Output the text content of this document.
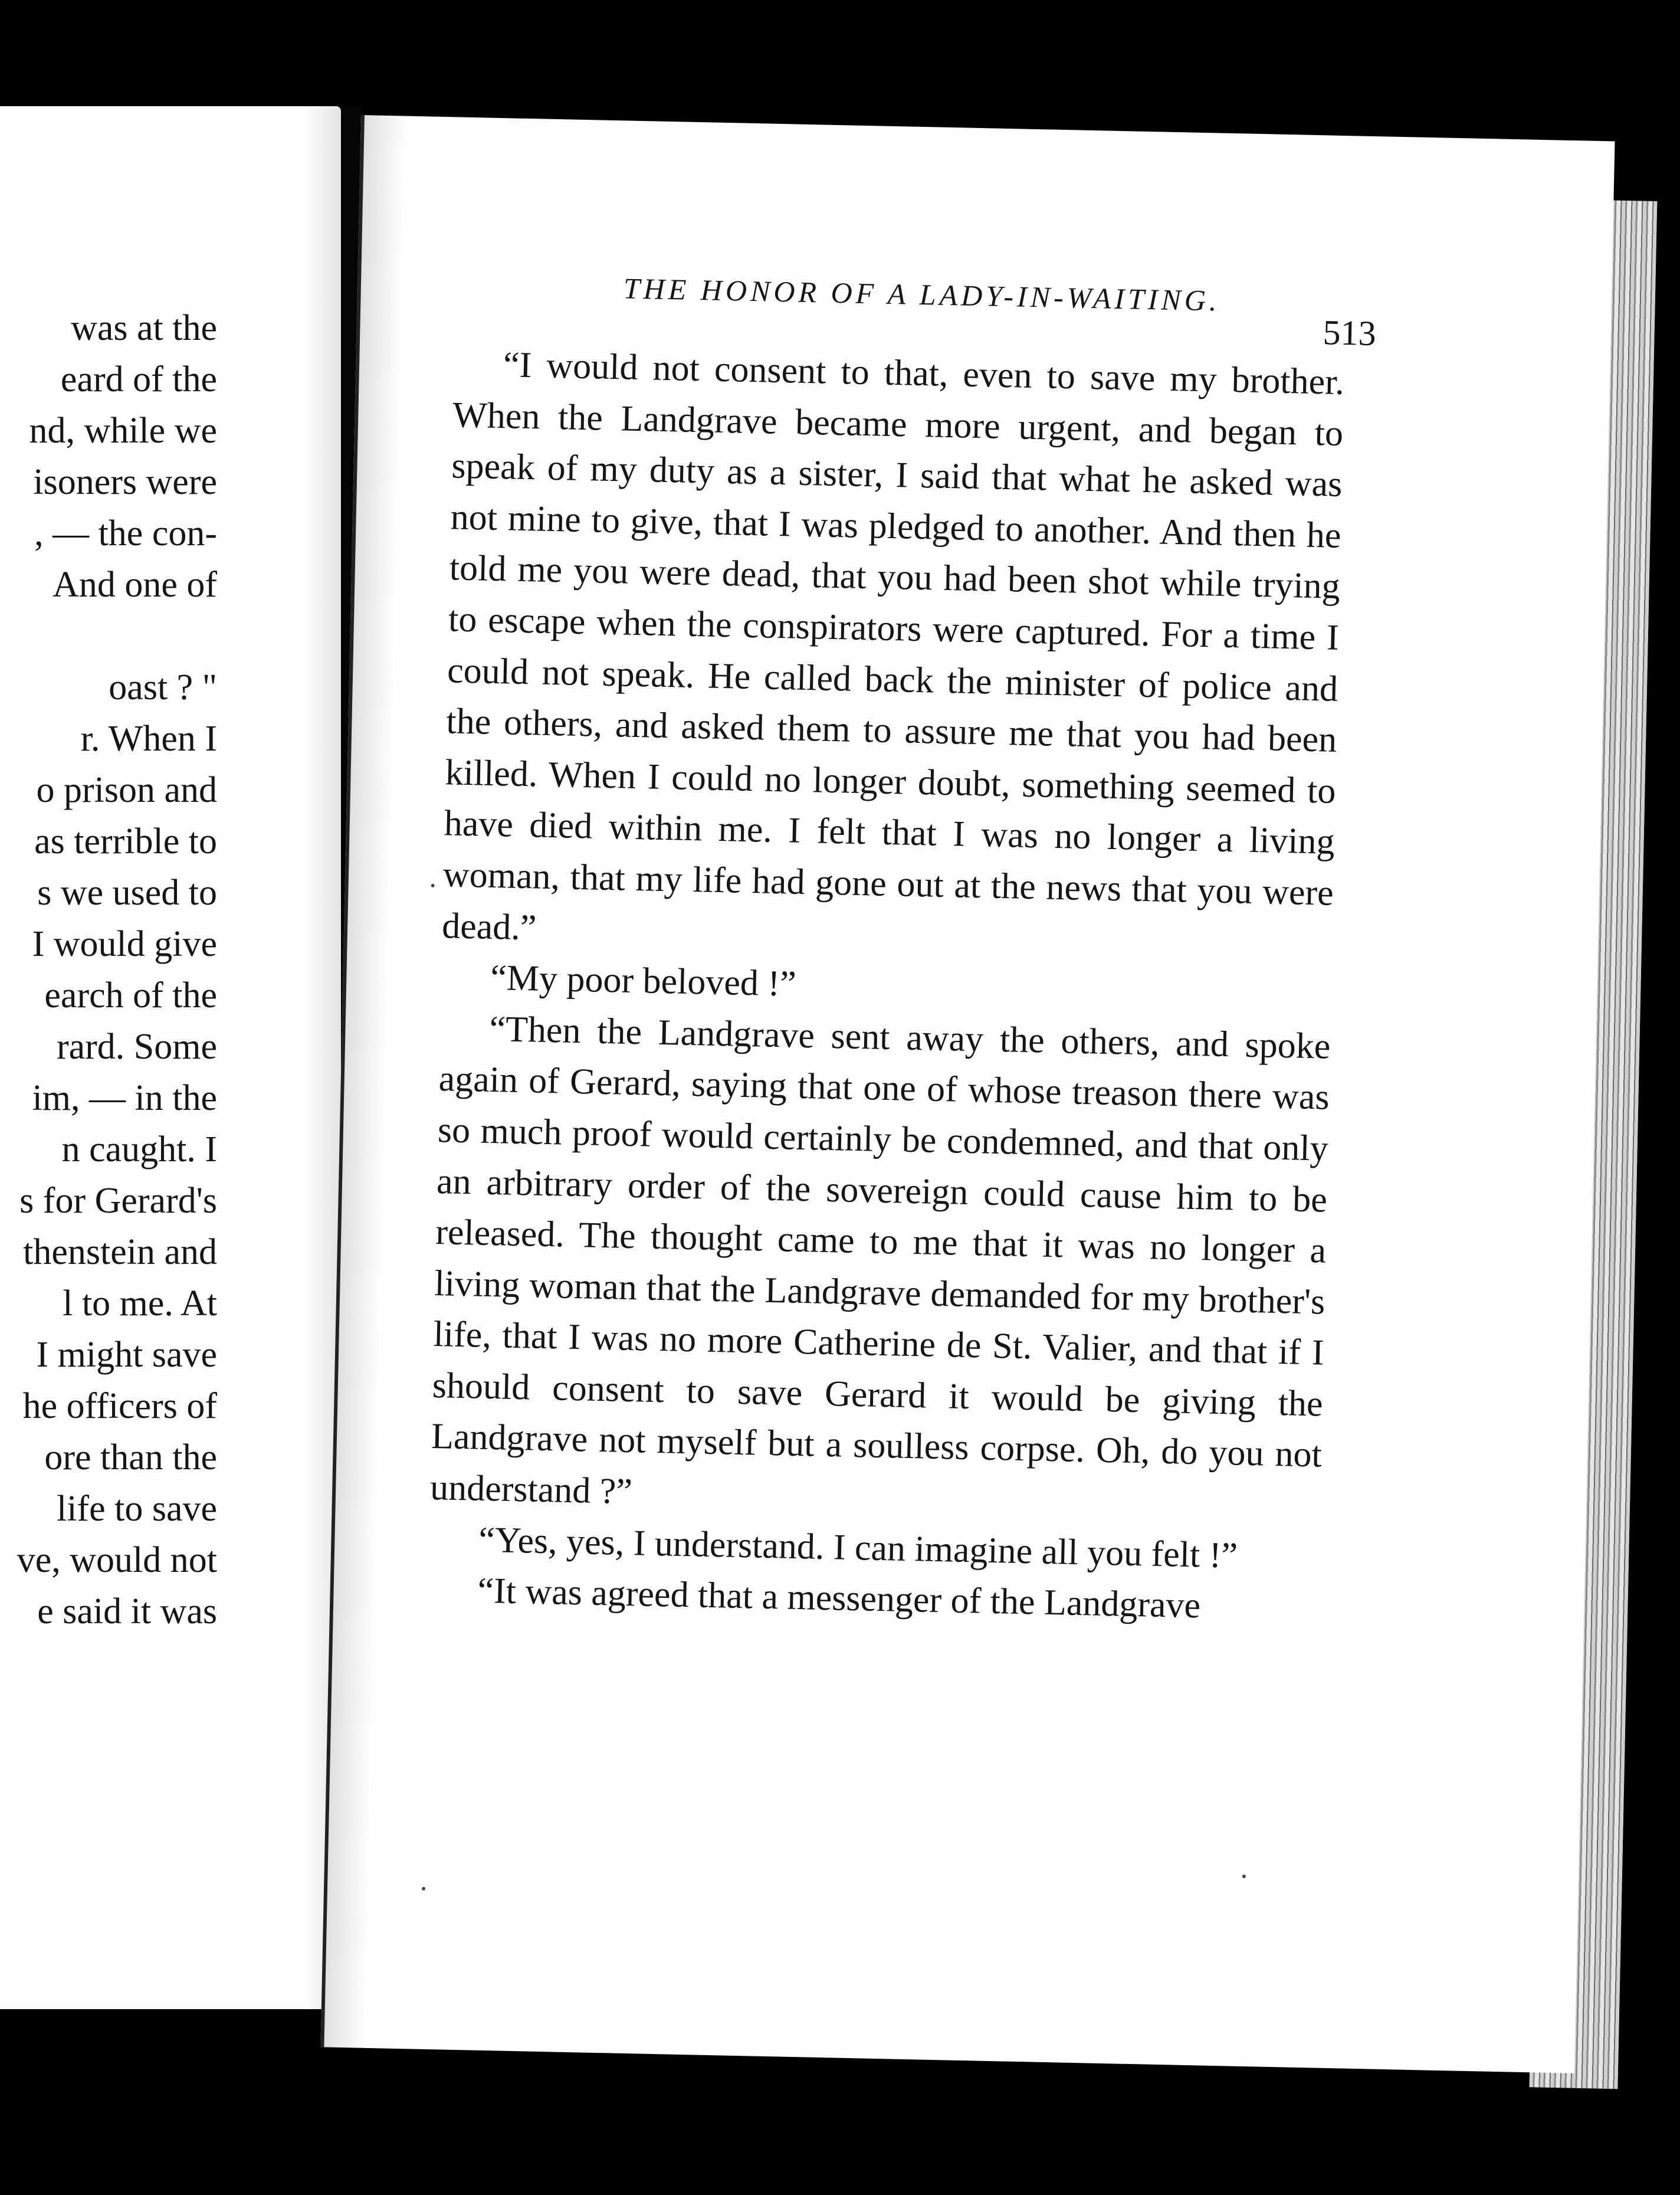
was at the
eard of the
nd, while we
isoners were
, — the con-
And one of
oast ? "
r. When I
o prison and
as terrible to
s we used to
I would give
earch of the
rard. Some
im, — in the
n caught. I
s for Gerard's
thenstein and
l to me. At
I might save
he officers of
ore than the
life to save
ve, would not
e said it was
THE HONOR OF A LADY-IN-WAITING.
513

“I would not consent to that, even to save my brother. When the Landgrave became more urgent, and began to speak of my duty as a sister, I said that what he asked was not mine to give, that I was pledged to another. And then he told me you were dead, that you had been shot while trying to escape when the conspirators were captured. For a time I could not speak. He called back the minister of police and the others, and asked them to assure me that you had been killed. When I could no longer doubt, something seemed to have died within me. I felt that I was no longer a living woman, that my life had gone out at the news that you were dead.”

“My poor beloved !”

“Then the Landgrave sent away the others, and spoke again of Gerard, saying that one of whose treason there was so much proof would certainly be condemned, and that only an arbitrary order of the sovereign could cause him to be released. The thought came to me that it was no longer a living woman that the Landgrave demanded for my brother's life, that I was no more Catherine de St. Valier, and that if I should consent to save Gerard it would be giving the Landgrave not myself but a soulless corpse. Oh, do you not understand ?”

“Yes, yes, I understand. I can imagine all you felt !”

“It was agreed that a messenger of the Landgrave
